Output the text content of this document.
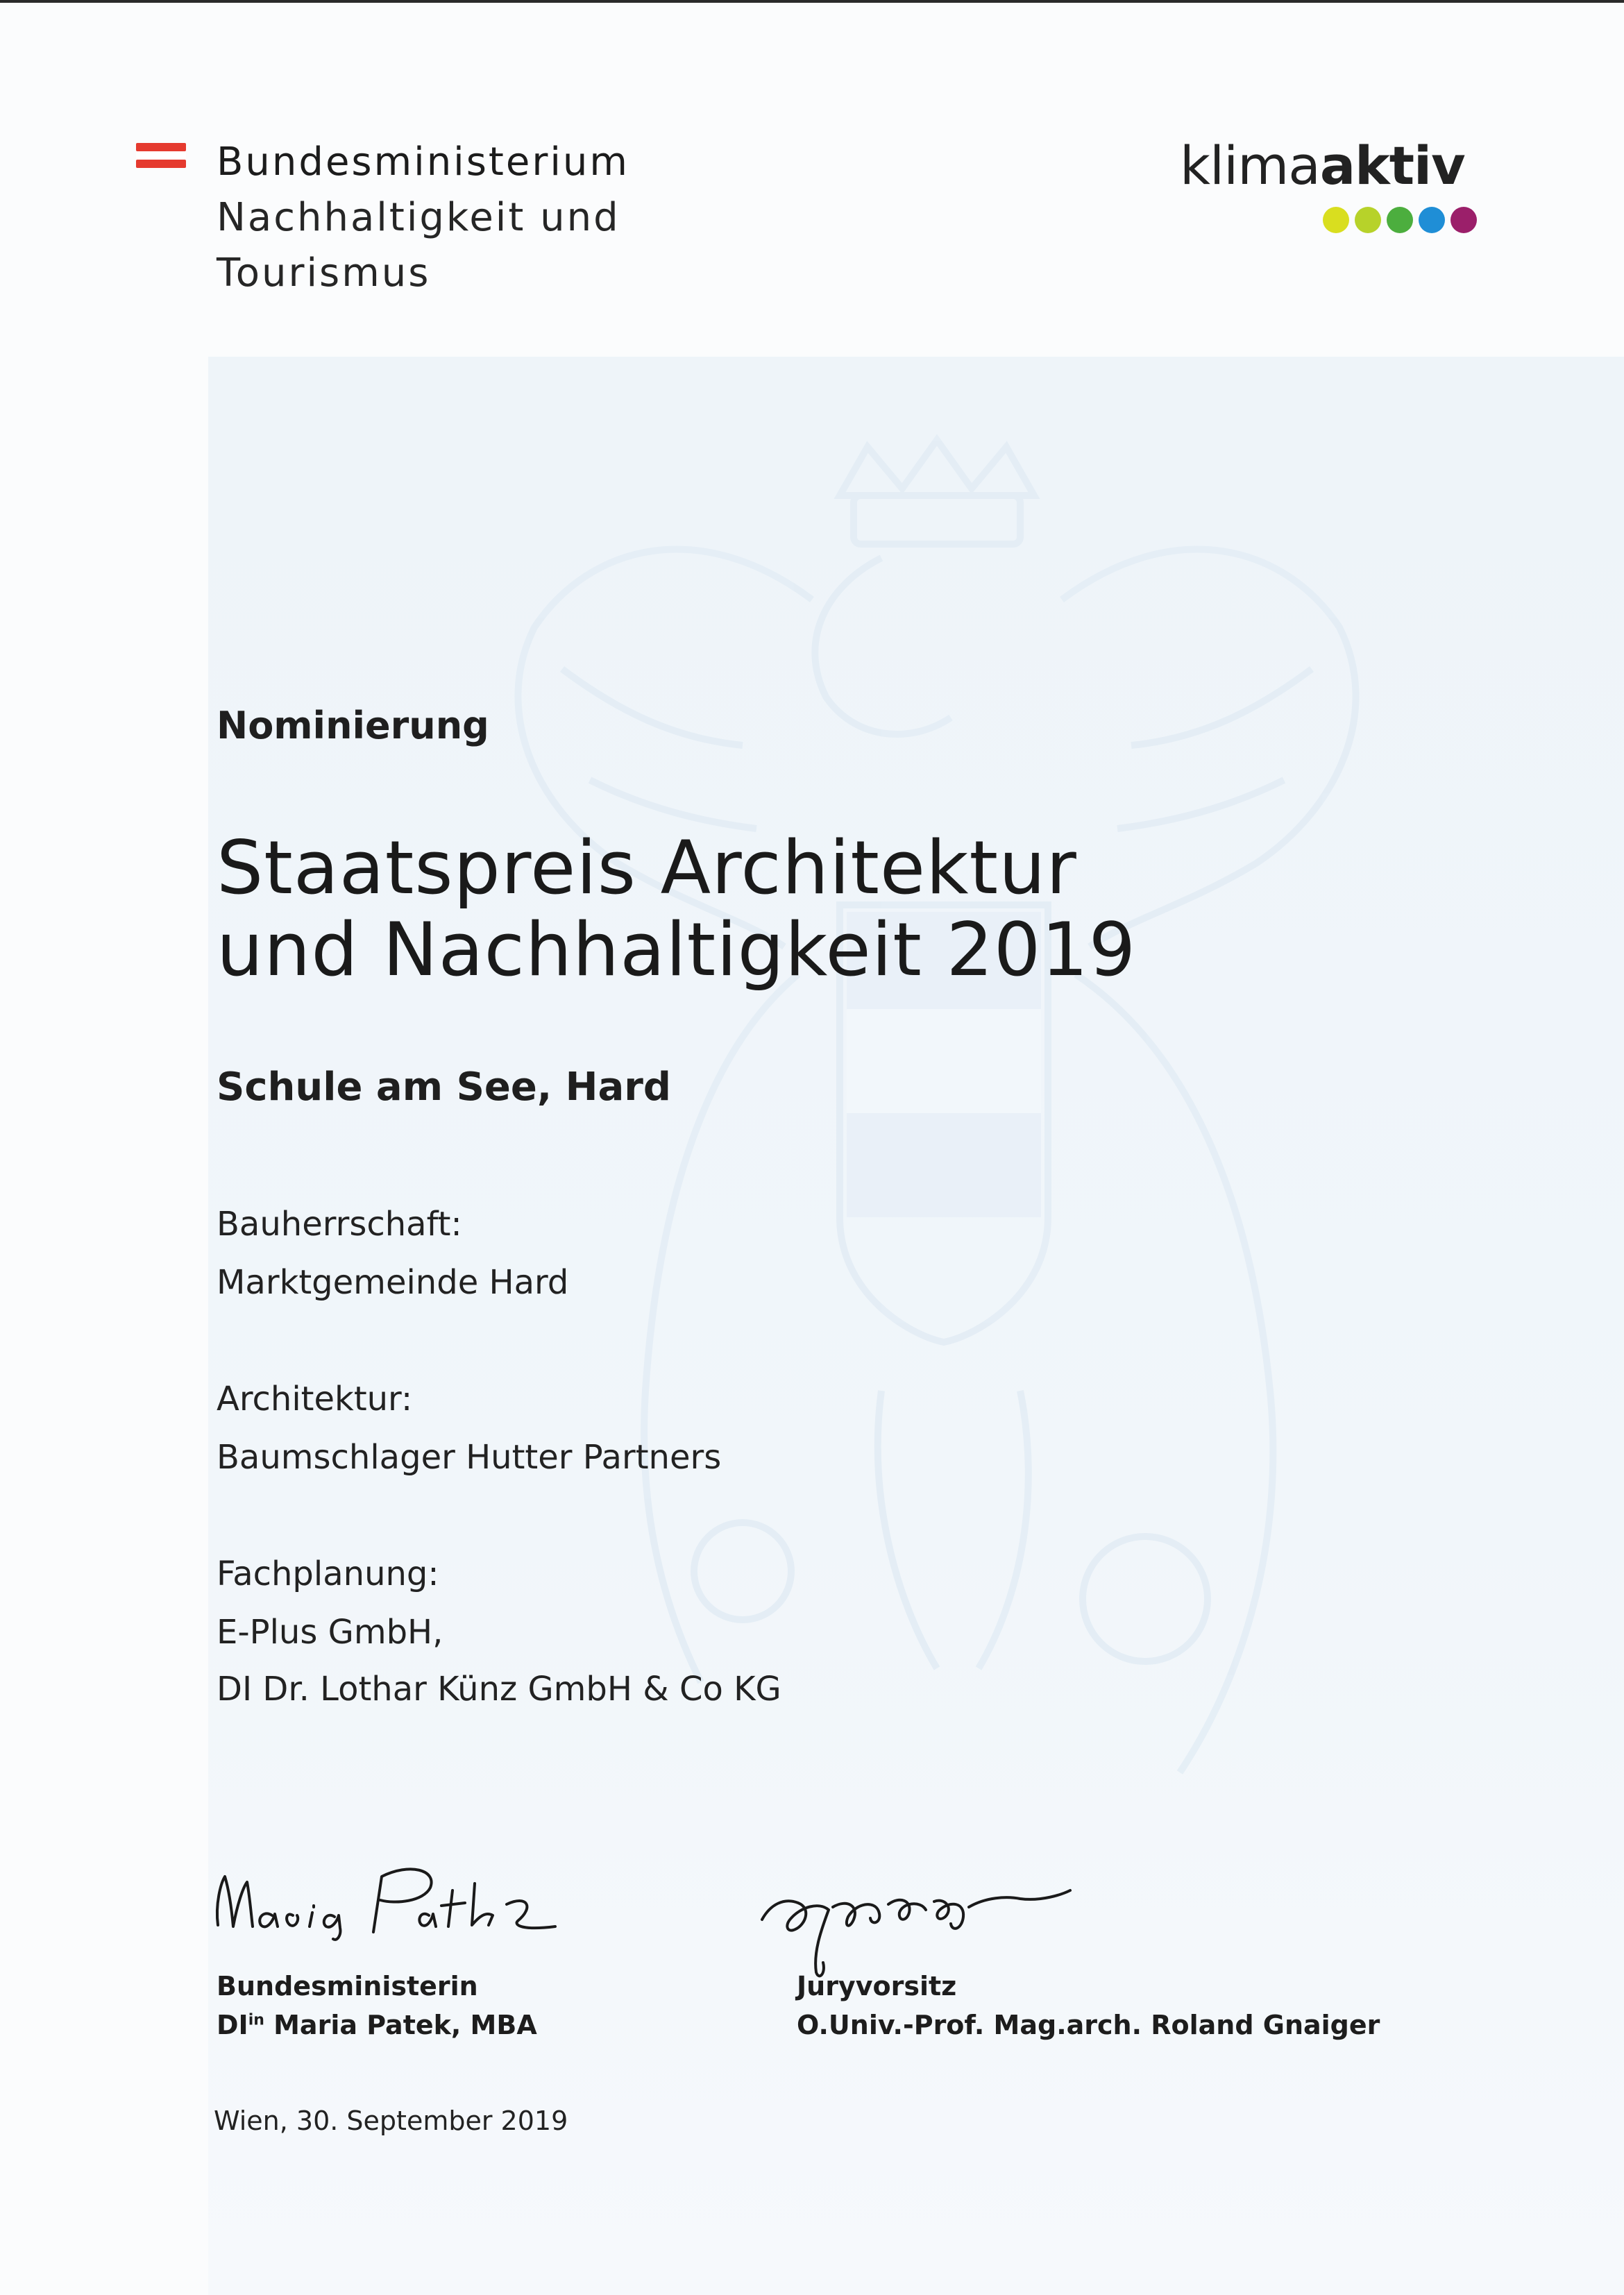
Bundesministerium
Nachhaltigkeit und
Tourismus
klimaaktiv
Nominierung
Staatspreis Architektur
und Nachhaltigkeit 2019
Schule am See, Hard
Bauherrschaft:
Marktgemeinde Hard
Architektur:
Baumschlager Hutter Partners
Fachplanung:
E-Plus GmbH,
DI Dr. Lothar Künz GmbH & Co KG
Bundesministerin
$DI^{in}$ Maria Patek, MBA
Juryvorsitz
O.Univ.-Prof. Mag.arch. Roland Gnaiger
Wien, 30. September 2019
